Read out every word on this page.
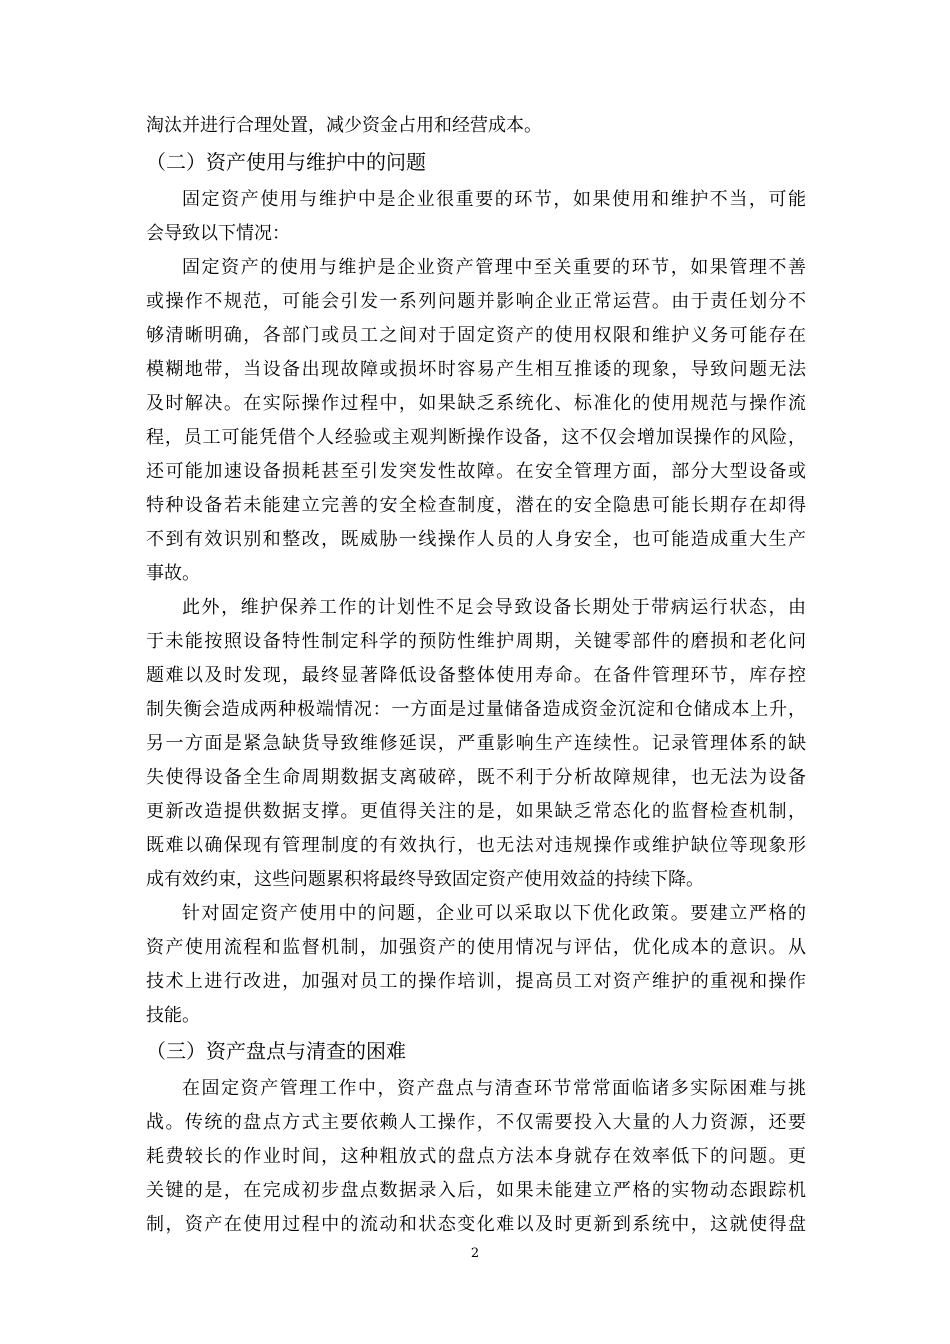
淘汰并进行合理处置，减少资金占用和经营成本。
（二）资产使用与维护中的问题
固定资产使用与维护中是企业很重要的环节，如果使用和维护不当，可能
会导致以下情况：
固定资产的使用与维护是企业资产管理中至关重要的环节，如果管理不善
或操作不规范，可能会引发一系列问题并影响企业正常运营。由于责任划分不
够清晰明确，各部门或员工之间对于固定资产的使用权限和维护义务可能存在
模糊地带，当设备出现故障或损坏时容易产生相互推诿的现象，导致问题无法
及时解决。在实际操作过程中，如果缺乏系统化、标准化的使用规范与操作流
程，员工可能凭借个人经验或主观判断操作设备，这不仅会增加误操作的风险，
还可能加速设备损耗甚至引发突发性故障。在安全管理方面，部分大型设备或
特种设备若未能建立完善的安全检查制度，潜在的安全隐患可能长期存在却得
不到有效识别和整改，既威胁一线操作人员的人身安全，也可能造成重大生产
事故。
此外，维护保养工作的计划性不足会导致设备长期处于带病运行状态，由
于未能按照设备特性制定科学的预防性维护周期，关键零部件的磨损和老化问
题难以及时发现，最终显著降低设备整体使用寿命。在备件管理环节，库存控
制失衡会造成两种极端情况：一方面是过量储备造成资金沉淀和仓储成本上升，
另一方面是紧急缺货导致维修延误，严重影响生产连续性。记录管理体系的缺
失使得设备全生命周期数据支离破碎，既不利于分析故障规律，也无法为设备
更新改造提供数据支撑。更值得关注的是，如果缺乏常态化的监督检查机制，
既难以确保现有管理制度的有效执行，也无法对违规操作或维护缺位等现象形
成有效约束，这些问题累积将最终导致固定资产使用效益的持续下降。
针对固定资产使用中的问题，企业可以采取以下优化政策。要建立严格的
资产使用流程和监督机制，加强资产的使用情况与评估，优化成本的意识。从
技术上进行改进，加强对员工的操作培训，提高员工对资产维护的重视和操作
技能。
（三）资产盘点与清查的困难
在固定资产管理工作中，资产盘点与清查环节常常面临诸多实际困难与挑
战。传统的盘点方式主要依赖人工操作，不仅需要投入大量的人力资源，还要
耗费较长的作业时间，这种粗放式的盘点方法本身就存在效率低下的问题。更
关键的是，在完成初步盘点数据录入后，如果未能建立严格的实物动态跟踪机
制，资产在使用过程中的流动和状态变化难以及时更新到系统中，这就使得盘
2
